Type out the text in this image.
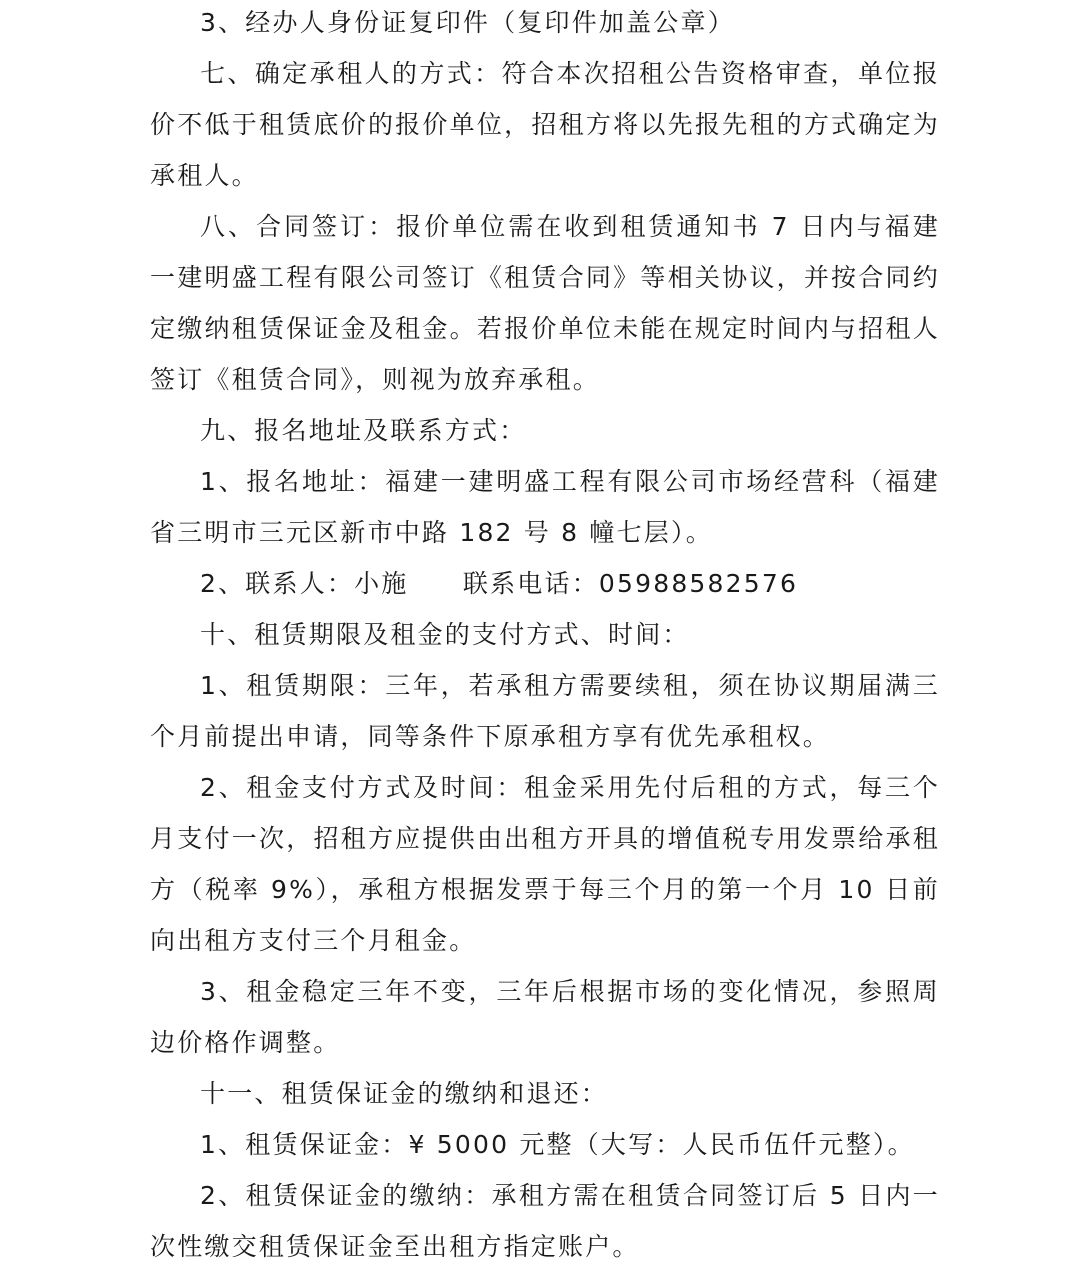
3、经办人身份证复印件（复印件加盖公章）

七、确定承租人的方式：符合本次招租公告资格审查，单位报价不低于租赁底价的报价单位，招租方将以先报先租的方式确定为承租人。

八、合同签订：报价单位需在收到租赁通知书 7 日内与福建一建明盛工程有限公司签订《租赁合同》等相关协议，并按合同约定缴纳租赁保证金及租金。若报价单位未能在规定时间内与招租人签订《租赁合同》，则视为放弃承租。

九、报名地址及联系方式：

1、报名地址：福建一建明盛工程有限公司市场经营科（福建省三明市三元区新市中路 182 号 8 幢七层）。

2、联系人：小施　　联系电话：05988582576

十、租赁期限及租金的支付方式、时间：

1、租赁期限：三年，若承租方需要续租，须在协议期届满三个月前提出申请，同等条件下原承租方享有优先承租权。

2、租金支付方式及时间：租金采用先付后租的方式，每三个月支付一次，招租方应提供由出租方开具的增值税专用发票给承租方（税率 9%），承租方根据发票于每三个月的第一个月 10 日前向出租方支付三个月租金。

3、租金稳定三年不变，三年后根据市场的变化情况，参照周边价格作调整。

十一、租赁保证金的缴纳和退还：

1、租赁保证金：¥ 5000 元整（大写：人民币伍仟元整）。

2、租赁保证金的缴纳：承租方需在租赁合同签订后 5 日内一次性缴交租赁保证金至出租方指定账户。
